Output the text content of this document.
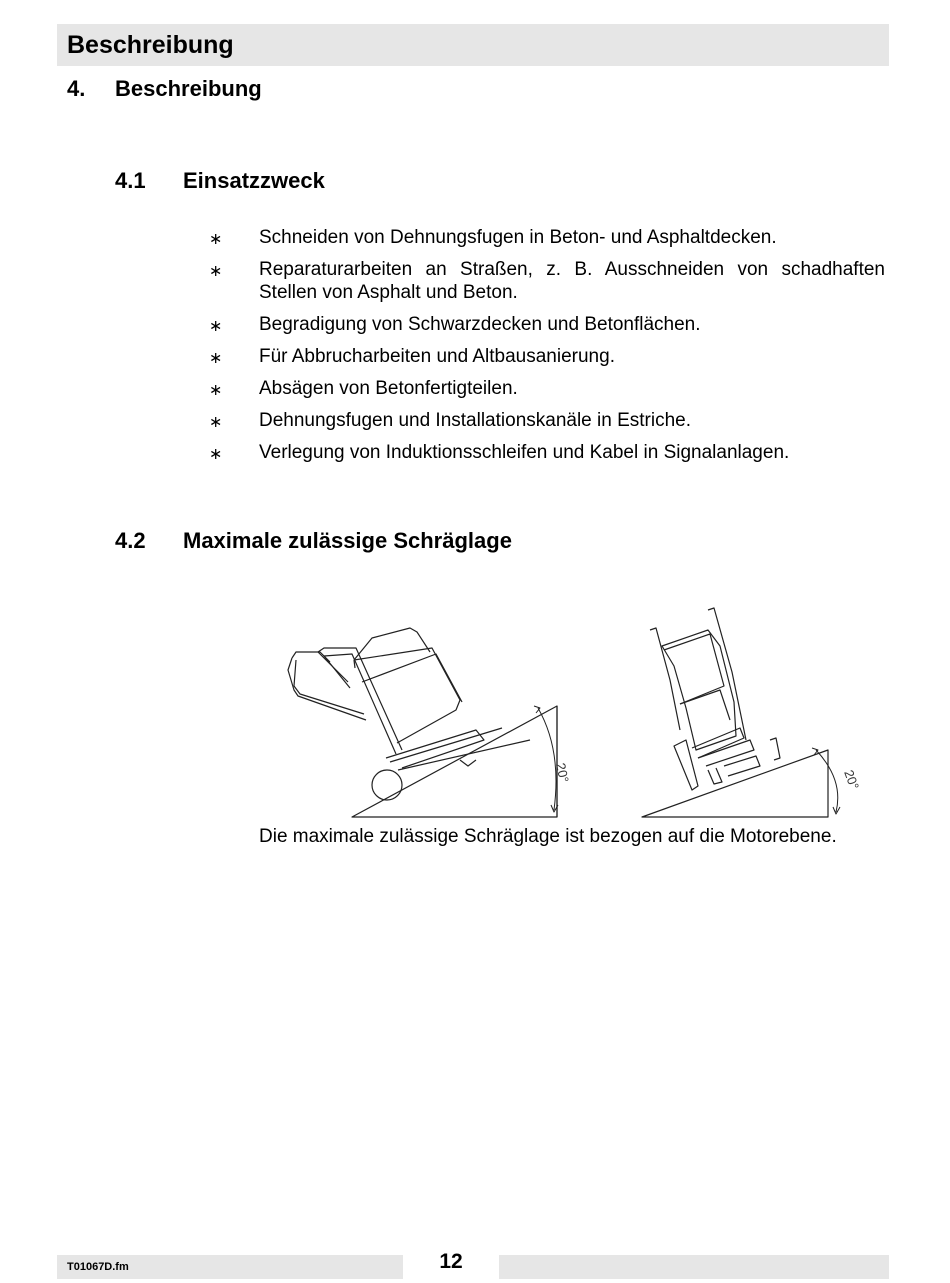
Beschreibung
4. Beschreibung
4.1 Einsatzzweck
∗ Schneiden von Dehnungsfugen in Beton- und Asphaltdecken.
∗ Reparaturarbeiten an Straßen, z. B. Ausschneiden von schadhaften Stellen von Asphalt und Beton.
∗ Begradigung von Schwarzdecken und Betonflächen.
∗ Für Abbrucharbeiten und Altbausanierung.
∗ Absägen von Betonfertigteilen.
∗ Dehnungsfugen und Installationskanäle in Estriche.
∗ Verlegung von Induktionsschleifen und Kabel in Signalanlagen.
4.2 Maximale zulässige Schräglage
20°	20°
Die maximale zulässige Schräglage ist bezogen auf die Motorebene.
T01067D.fm	12
